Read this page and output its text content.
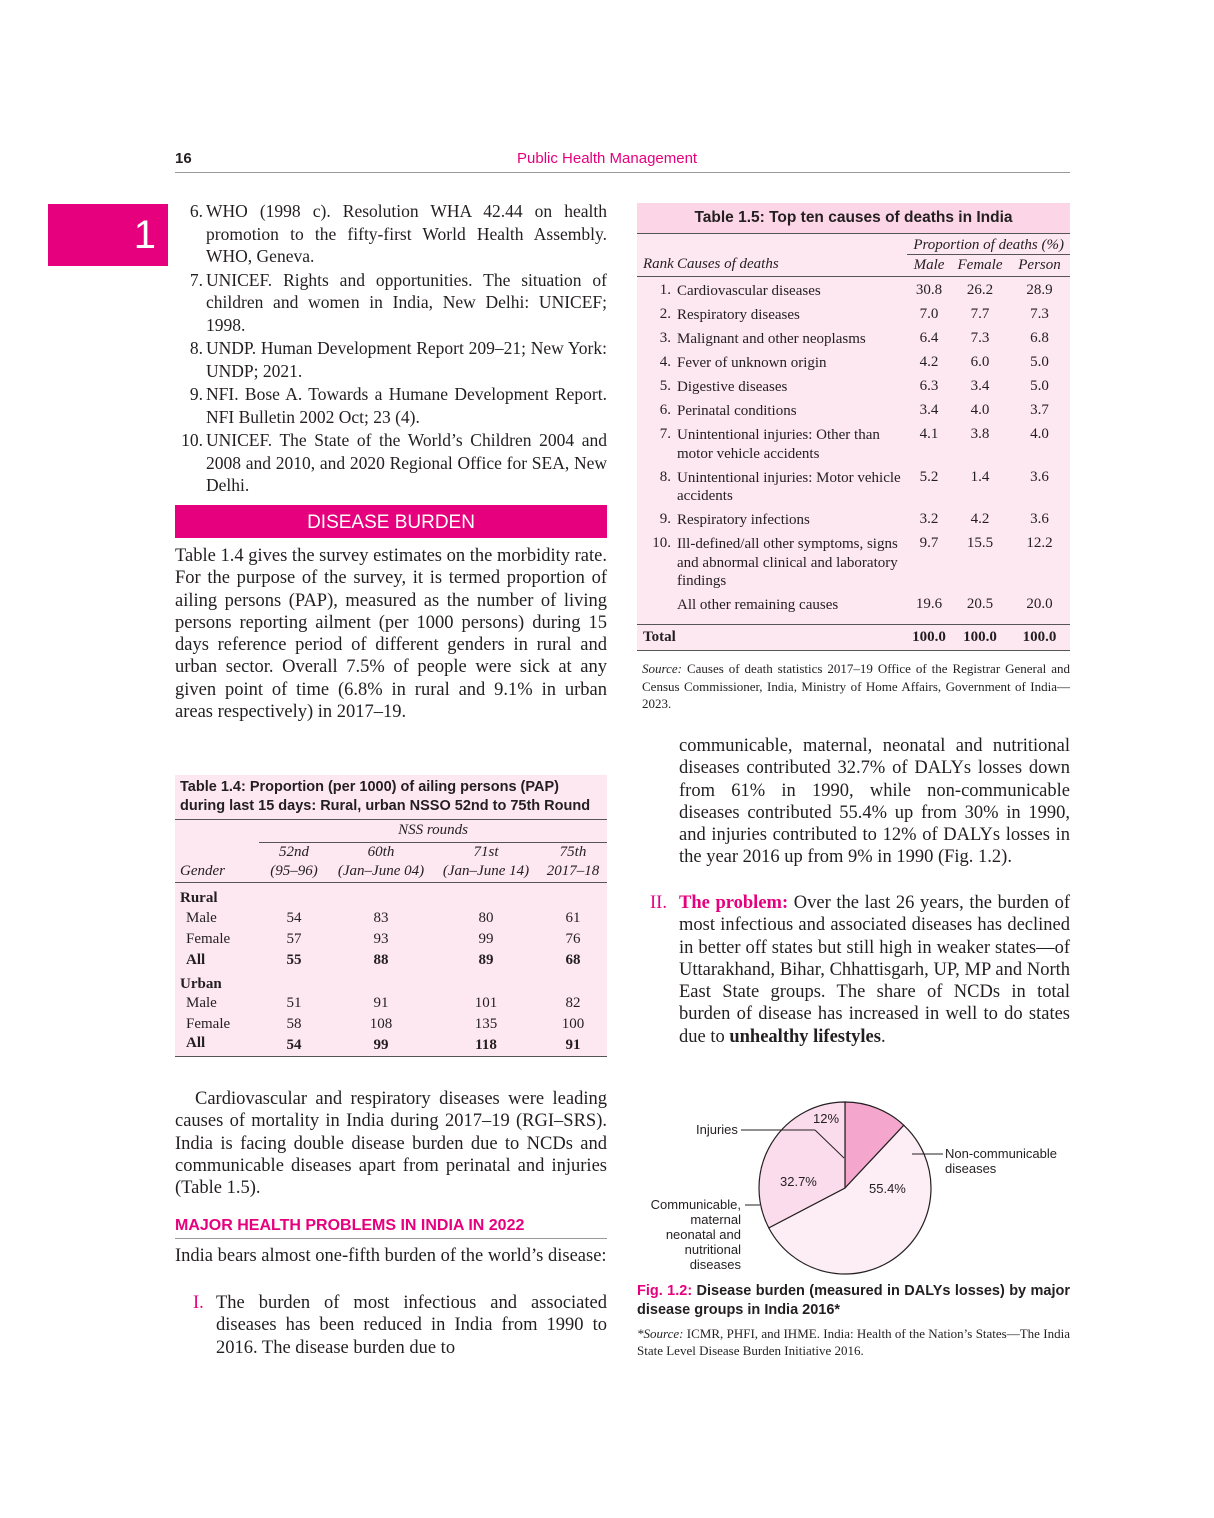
16	Public Health Management
1
6. WHO (1998 c). Resolution WHA 42.44 on health promotion to the fifty-first World Health Assembly. WHO, Geneva.
7. UNICEF. Rights and opportunities. The situation of children and women in India, New Delhi: UNICEF; 1998.
8. UNDP. Human Development Report 209–21; New York: UNDP; 2021.
9. NFI. Bose A. Towards a Humane Development Report. NFI Bulletin 2002 Oct; 23 (4).
10. UNICEF. The State of the World’s Children 2004 and 2008 and 2010, and 2020 Regional Office for SEA, New Delhi.
DISEASE BURDEN
Table 1.4 gives the survey estimates on the morbidity rate. For the purpose of the survey, it is termed proportion of ailing persons (PAP), measured as the number of living persons reporting ailment (per 1000 persons) during 15 days reference period of different genders in rural and urban sector. Overall 7.5% of people were sick at any given point of time (6.8% in rural and 9.1% in urban areas respectively) in 2017–19.
Table 1.4: Proportion (per 1000) of ailing persons (PAP) during last 15 days: Rural, urban NSSO 52nd to 75th Round
	NSS rounds			
	52nd	60th	71st	75th
Gender	(95–96)	(Jan–June 04)	(Jan–June 14)	2017–18

Rural				
Male	54	83	80	61
Female	57	93	99	76
All	55	88	89	68
Urban				
Male	51	91	101	82
Female	58	108	135	100
All	54	99	118	91
Cardiovascular and respiratory diseases were leading causes of mortality in India during 2017–19 (RGI–SRS). India is facing double disease burden due to NCDs and communicable diseases apart from perinatal and injuries (Table 1.5).
MAJOR HEALTH PROBLEMS IN INDIA IN 2022
India bears almost one-fifth burden of the world’s disease:
I. The burden of most infectious and associated diseases has been reduced in India from 1990 to 2016. The disease burden due to
Table 1.5: Top ten causes of deaths in India
		Proportion of deaths (%)		
Rank	Causes of deaths	Male	Female	Person

1.	Cardiovascular diseases	30.8	26.2	28.9
2.	Respiratory diseases	7.0	7.7	7.3
3.	Malignant and other neoplasms	6.4	7.3	6.8
4.	Fever of unknown origin	4.2	6.0	5.0
5.	Digestive diseases	6.3	3.4	5.0
6.	Perinatal conditions	3.4	4.0	3.7
7.	Unintentional injuries: Other than motor vehicle accidents	4.1	3.8	4.0
8.	Unintentional injuries: Motor vehicle accidents	5.2	1.4	3.6
9.	Respiratory infections	3.2	4.2	3.6
10.	Ill-defined/all other symptoms, signs and abnormal clinical and laboratory findings	9.7	15.5	12.2
	All other remaining causes	19.6	20.5	20.0

Total		100.0	100.0	100.0
Source: Causes of death statistics 2017–19 Office of the Registrar General and Census Commissioner, India, Ministry of Home Affairs, Government of India—2023.
communicable, maternal, neonatal and nutritional diseases contributed 32.7% of DALYs losses down from 61% in 1990, while non-communicable diseases contributed 55.4% up from 30% in 1990, and injuries contributed to 12% of DALYs losses in the year 2016 up from 9% in 1990 (Fig. 1.2).
II. The problem: Over the last 26 years, the burden of most infectious and associated diseases has declined in better off states but still high in weaker states—of Uttarakhand, Bihar, Chhattisgarh, UP, MP and North East State groups. The share of NCDs in total burden of disease has increased in well to do states due to unhealthy lifestyles.
Injuries
Non-communicable diseases
Communicable, maternal neonatal and nutritional diseases
12%
32.7%	55.4%
Fig. 1.2: Disease burden (measured in DALYs losses) by major disease groups in India 2016*
*Source: ICMR, PHFI, and IHME. India: Health of the Nation’s States—The India State Level Disease Burden Initiative 2016.
